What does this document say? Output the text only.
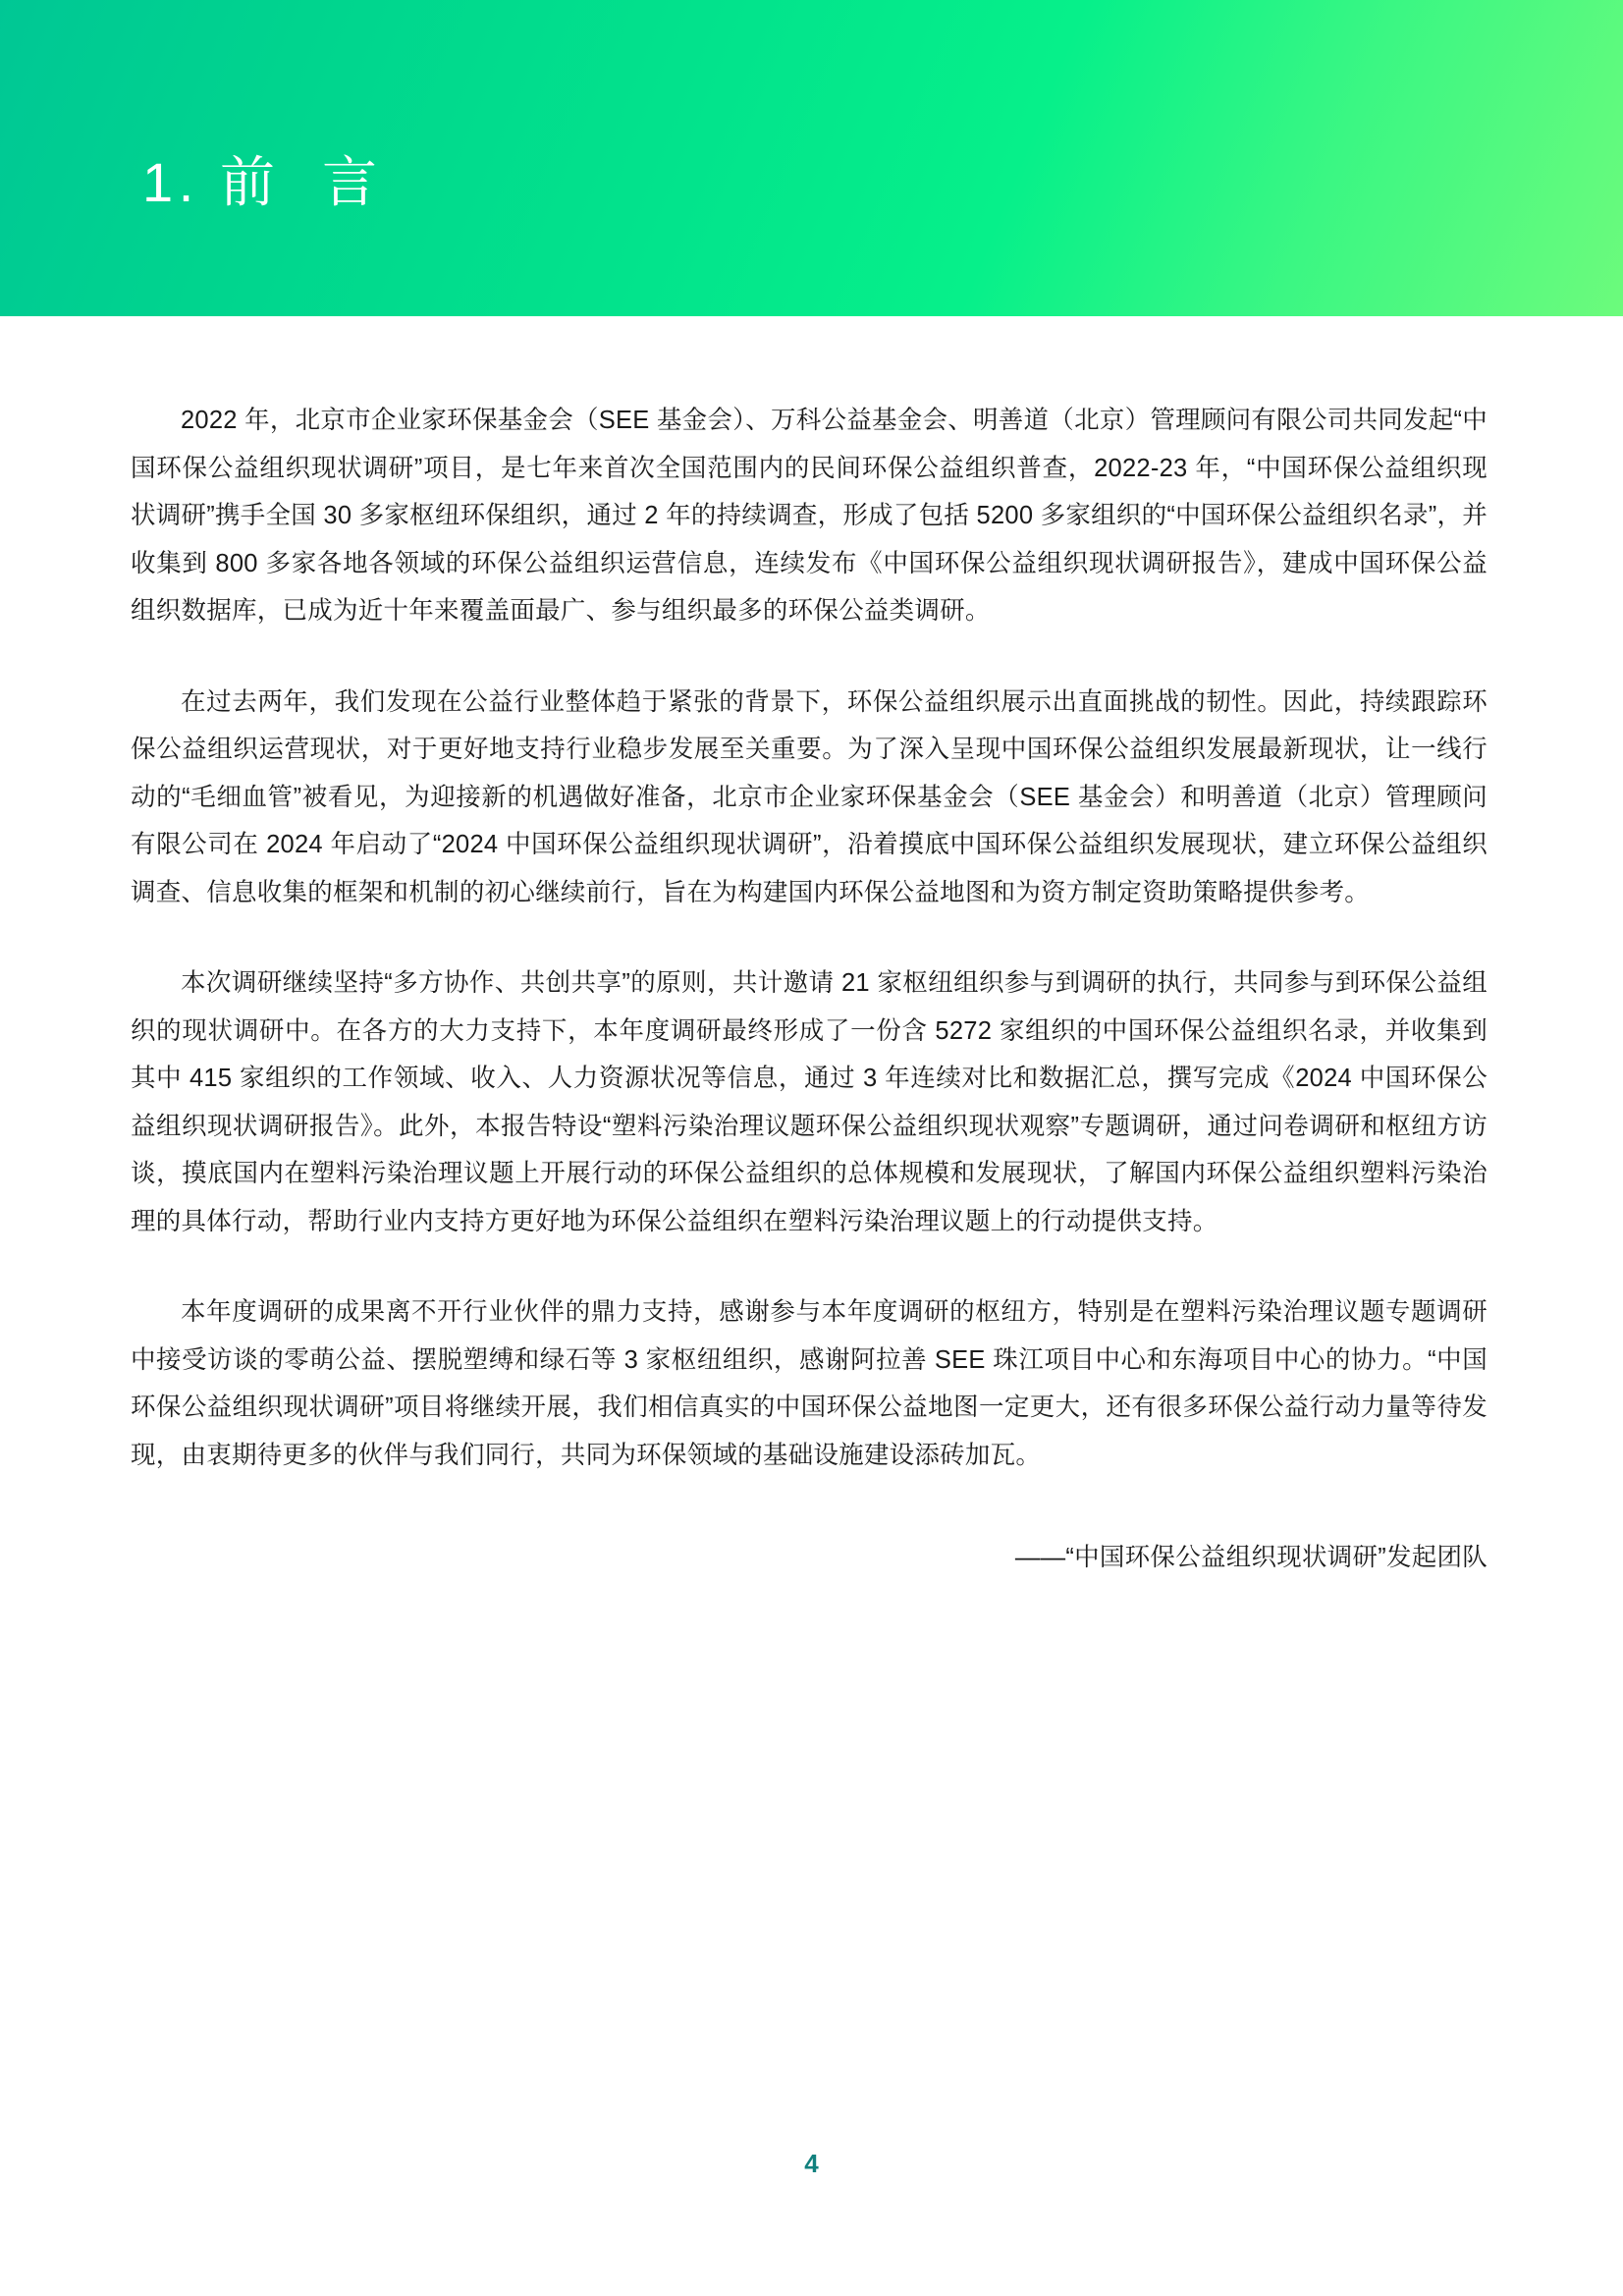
1. 前  言

2022 年，北京市企业家环保基金会（SEE 基金会）、万科公益基金会、明善道（北京）管理顾问有限公司共同发起“中国环保公益组织现状调研”项目，是七年来首次全国范围内的民间环保公益组织普查，2022-23 年，“中国环保公益组织现状调研”携手全国 30 多家枢纽环保组织，通过 2 年的持续调查，形成了包括 5200 多家组织的“中国环保公益组织名录”，并收集到 800 多家各地各领域的环保公益组织运营信息，连续发布《中国环保公益组织现状调研报告》，建成中国环保公益组织数据库，已成为近十年来覆盖面最广、参与组织最多的环保公益类调研。

在过去两年，我们发现在公益行业整体趋于紧张的背景下，环保公益组织展示出直面挑战的韧性。因此，持续跟踪环保公益组织运营现状，对于更好地支持行业稳步发展至关重要。为了深入呈现中国环保公益组织发展最新现状，让一线行动的“毛细血管”被看见，为迎接新的机遇做好准备，北京市企业家环保基金会（SEE 基金会）和明善道（北京）管理顾问有限公司在 2024 年启动了“2024 中国环保公益组织现状调研”，沿着摸底中国环保公益组织发展现状，建立环保公益组织调查、信息收集的框架和机制的初心继续前行，旨在为构建国内环保公益地图和为资方制定资助策略提供参考。

本次调研继续坚持“多方协作、共创共享”的原则，共计邀请 21 家枢纽组织参与到调研的执行，共同参与到环保公益组织的现状调研中。在各方的大力支持下，本年度调研最终形成了一份含 5272 家组织的中国环保公益组织名录，并收集到其中 415 家组织的工作领域、收入、人力资源状况等信息，通过 3 年连续对比和数据汇总，撰写完成《2024 中国环保公益组织现状调研报告》。此外，本报告特设“塑料污染治理议题环保公益组织现状观察”专题调研，通过问卷调研和枢纽方访谈，摸底国内在塑料污染治理议题上开展行动的环保公益组织的总体规模和发展现状，了解国内环保公益组织塑料污染治理的具体行动，帮助行业内支持方更好地为环保公益组织在塑料污染治理议题上的行动提供支持。

本年度调研的成果离不开行业伙伴的鼎力支持，感谢参与本年度调研的枢纽方，特别是在塑料污染治理议题专题调研中接受访谈的零萌公益、摆脱塑缚和绿石等 3 家枢纽组织，感谢阿拉善 SEE 珠江项目中心和东海项目中心的协力。“中国环保公益组织现状调研”项目将继续开展，我们相信真实的中国环保公益地图一定更大，还有很多环保公益行动力量等待发现，由衷期待更多的伙伴与我们同行，共同为环保领域的基础设施建设添砖加瓦。

——“中国环保公益组织现状调研”发起团队

4
